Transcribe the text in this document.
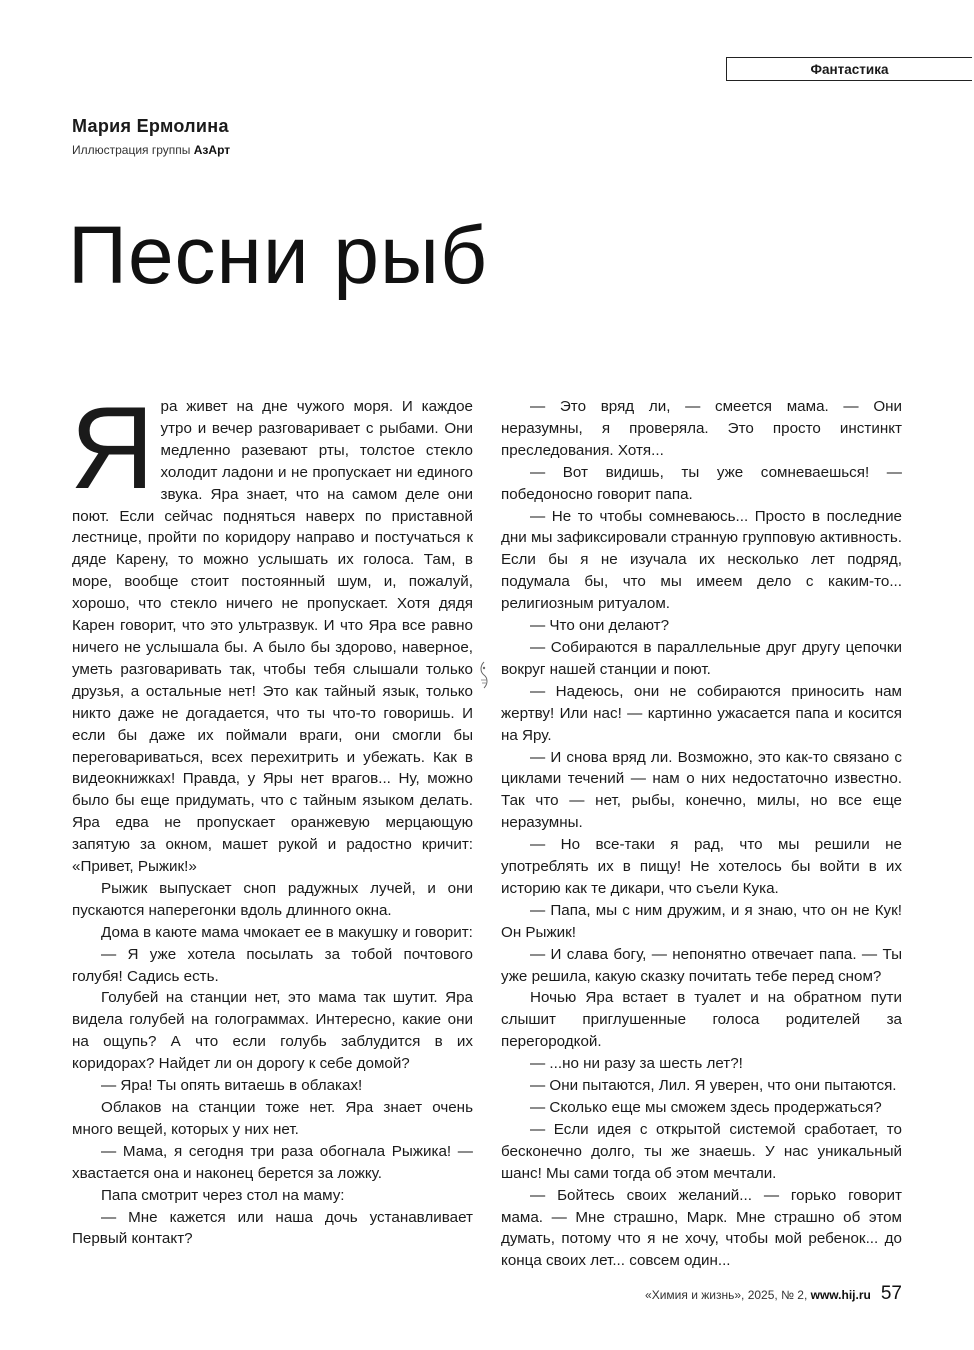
Фантастика
Мария Ермолина
Иллюстрация группы АзАрт
Песни рыб

Яра живет на дне чужого моря. И каждое утро и вечер разговаривает с рыбами. Они медленно разевают рты, толстое стекло холодит ладони и не пропускает ни единого звука. Яра знает, что на самом деле они поют. Если сейчас подняться наверх по приставной лестнице, пройти по коридору направо и постучаться к дяде Карену, то можно услышать их голоса. Там, в море, вообще стоит постоянный шум, и, пожалуй, хорошо, что стекло ничего не пропускает. Хотя дядя Карен говорит, что это ультразвук. И что Яра все равно ничего не услышала бы. А было бы здорово, наверное, уметь разговаривать так, чтобы тебя слышали только друзья, а остальные нет! Это как тайный язык, только никто даже не догадается, что ты что-то говоришь. И если бы даже их поймали враги, они смогли бы переговариваться, всех перехитрить и убежать. Как в видеокнижках! Правда, у Яры нет врагов... Ну, можно было бы еще придумать, что с тайным языком делать. Яра едва не пропускает оранжевую мерцающую запятую за окном, машет рукой и радостно кричит: «Привет, Рыжик!»

Рыжик выпускает сноп радужных лучей, и они пускаются наперегонки вдоль длинного окна.

Дома в каюте мама чмокает ее в макушку и говорит:

— Я уже хотела посылать за тобой почтового голубя! Садись есть.

Голубей на станции нет, это мама так шутит. Яра видела голубей на голограммах. Интересно, какие они на ощупь? А что если голубь заблудится в их коридорах? Найдет ли он дорогу к себе домой?

— Яра! Ты опять витаешь в облаках!

Облаков на станции тоже нет. Яра знает очень много вещей, которых у них нет.

— Мама, я сегодня три раза обогнала Рыжика! — хвастается она и наконец берется за ложку.

Папа смотрит через стол на маму:

— Мне кажется или наша дочь устанавливает Первый контакт?

— Это вряд ли, — смеется мама. — Они неразумны, я проверяла. Это просто инстинкт преследования. Хотя...

— Вот видишь, ты уже сомневаешься! — победоносно говорит папа.

— Не то чтобы сомневаюсь... Просто в последние дни мы зафиксировали странную групповую активность. Если бы я не изучала их несколько лет подряд, подумала бы, что мы имеем дело с каким-то... религиозным ритуалом.

— Что они делают?

— Собираются в параллельные друг другу цепочки вокруг нашей станции и поют.

— Надеюсь, они не собираются приносить нам жертву! Или нас! — картинно ужасается папа и косится на Яру.

— И снова вряд ли. Возможно, это как-то связано с циклами течений — нам о них недостаточно известно. Так что — нет, рыбы, конечно, милы, но все еще неразумны.

— Но все-таки я рад, что мы решили не употреблять их в пищу! Не хотелось бы войти в их историю как те дикари, что съели Кука.

— Папа, мы с ним дружим, и я знаю, что он не Кук! Он Рыжик!

— И слава богу, — непонятно отвечает папа. — Ты уже решила, какую сказку почитать тебе перед сном?

Ночью Яра встает в туалет и на обратном пути слышит приглушенные голоса родителей за перегородкой.

— ...но ни разу за шесть лет?!

— Они пытаются, Лил. Я уверен, что они пытаются.

— Сколько еще мы сможем здесь продержаться?

— Если идея с открытой системой сработает, то бесконечно долго, ты же знаешь. У нас уникальный шанс! Мы сами тогда об этом мечтали.

— Бойтесь своих желаний... — горько говорит мама. — Мне страшно, Марк. Мне страшно об этом думать, потому что я не хочу, чтобы мой ребенок... до конца своих лет... совсем один...

«Химия и жизнь», 2025, № 2, www.hij.ru 57
